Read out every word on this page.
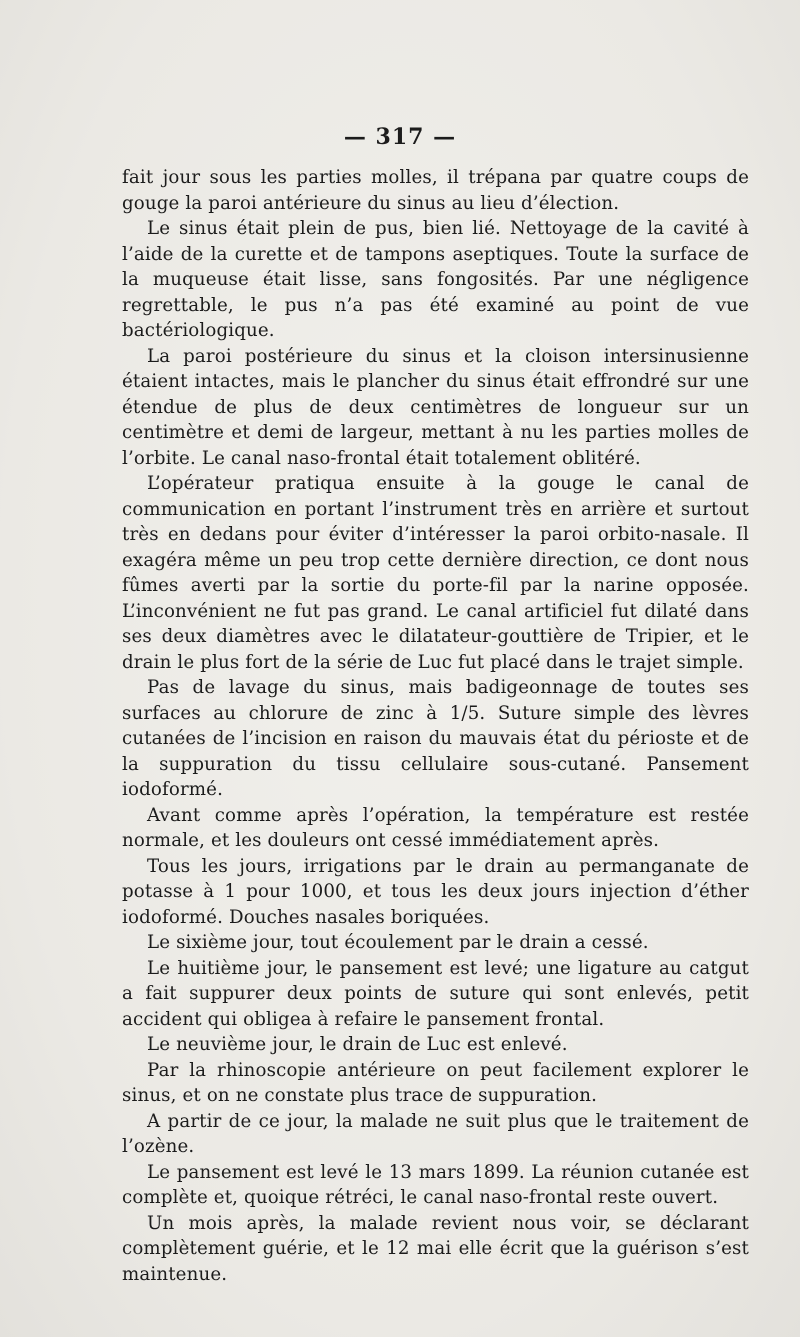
— 317 —

fait jour sous les parties molles, il trépana par quatre coups de gouge la paroi antérieure du sinus au lieu d’élection.

Le sinus était plein de pus, bien lié. Nettoyage de la cavité à l’aide de la curette et de tampons aseptiques. Toute la surface de la muqueuse était lisse, sans fongosités. Par une négligence regrettable, le pus n’a pas été examiné au point de vue bactériologique.

La paroi postérieure du sinus et la cloison intersinusienne étaient intactes, mais le plancher du sinus était effrondré sur une étendue de plus de deux centimètres de longueur sur un centimètre et demi de largeur, mettant à nu les parties molles de l’orbite. Le canal naso-frontal était totalement oblitéré.

L’opérateur pratiqua ensuite à la gouge le canal de communication en portant l’instrument très en arrière et surtout très en dedans pour éviter d’intéresser la paroi orbito-nasale. Il exagéra même un peu trop cette dernière direction, ce dont nous fûmes averti par la sortie du porte-fil par la narine opposée. L’inconvénient ne fut pas grand. Le canal artificiel fut dilaté dans ses deux diamètres avec le dilatateur-gouttière de Tripier, et le drain le plus fort de la série de Luc fut placé dans le trajet simple.

Pas de lavage du sinus, mais badigeonnage de toutes ses surfaces au chlorure de zinc à 1/5. Suture simple des lèvres cutanées de l’incision en raison du mauvais état du périoste et de la suppuration du tissu cellulaire sous-cutané. Pansement iodoformé.

Avant comme après l’opération, la température est restée normale, et les douleurs ont cessé immédiatement après.

Tous les jours, irrigations par le drain au permanganate de potasse à 1 pour 1000, et tous les deux jours injection d’éther iodoformé. Douches nasales boriquées.

Le sixième jour, tout écoulement par le drain a cessé.

Le huitième jour, le pansement est levé; une ligature au catgut a fait suppurer deux points de suture qui sont enlevés, petit accident qui obligea à refaire le pansement frontal.

Le neuvième jour, le drain de Luc est enlevé.

Par la rhinoscopie antérieure on peut facilement explorer le sinus, et on ne constate plus trace de suppuration.

A partir de ce jour, la malade ne suit plus que le traitement de l’ozène.

Le pansement est levé le 13 mars 1899. La réunion cutanée est complète et, quoique rétréci, le canal naso-frontal reste ouvert.

Un mois après, la malade revient nous voir, se déclarant complètement guérie, et le 12 mai elle écrit que la guérison s’est maintenue.
